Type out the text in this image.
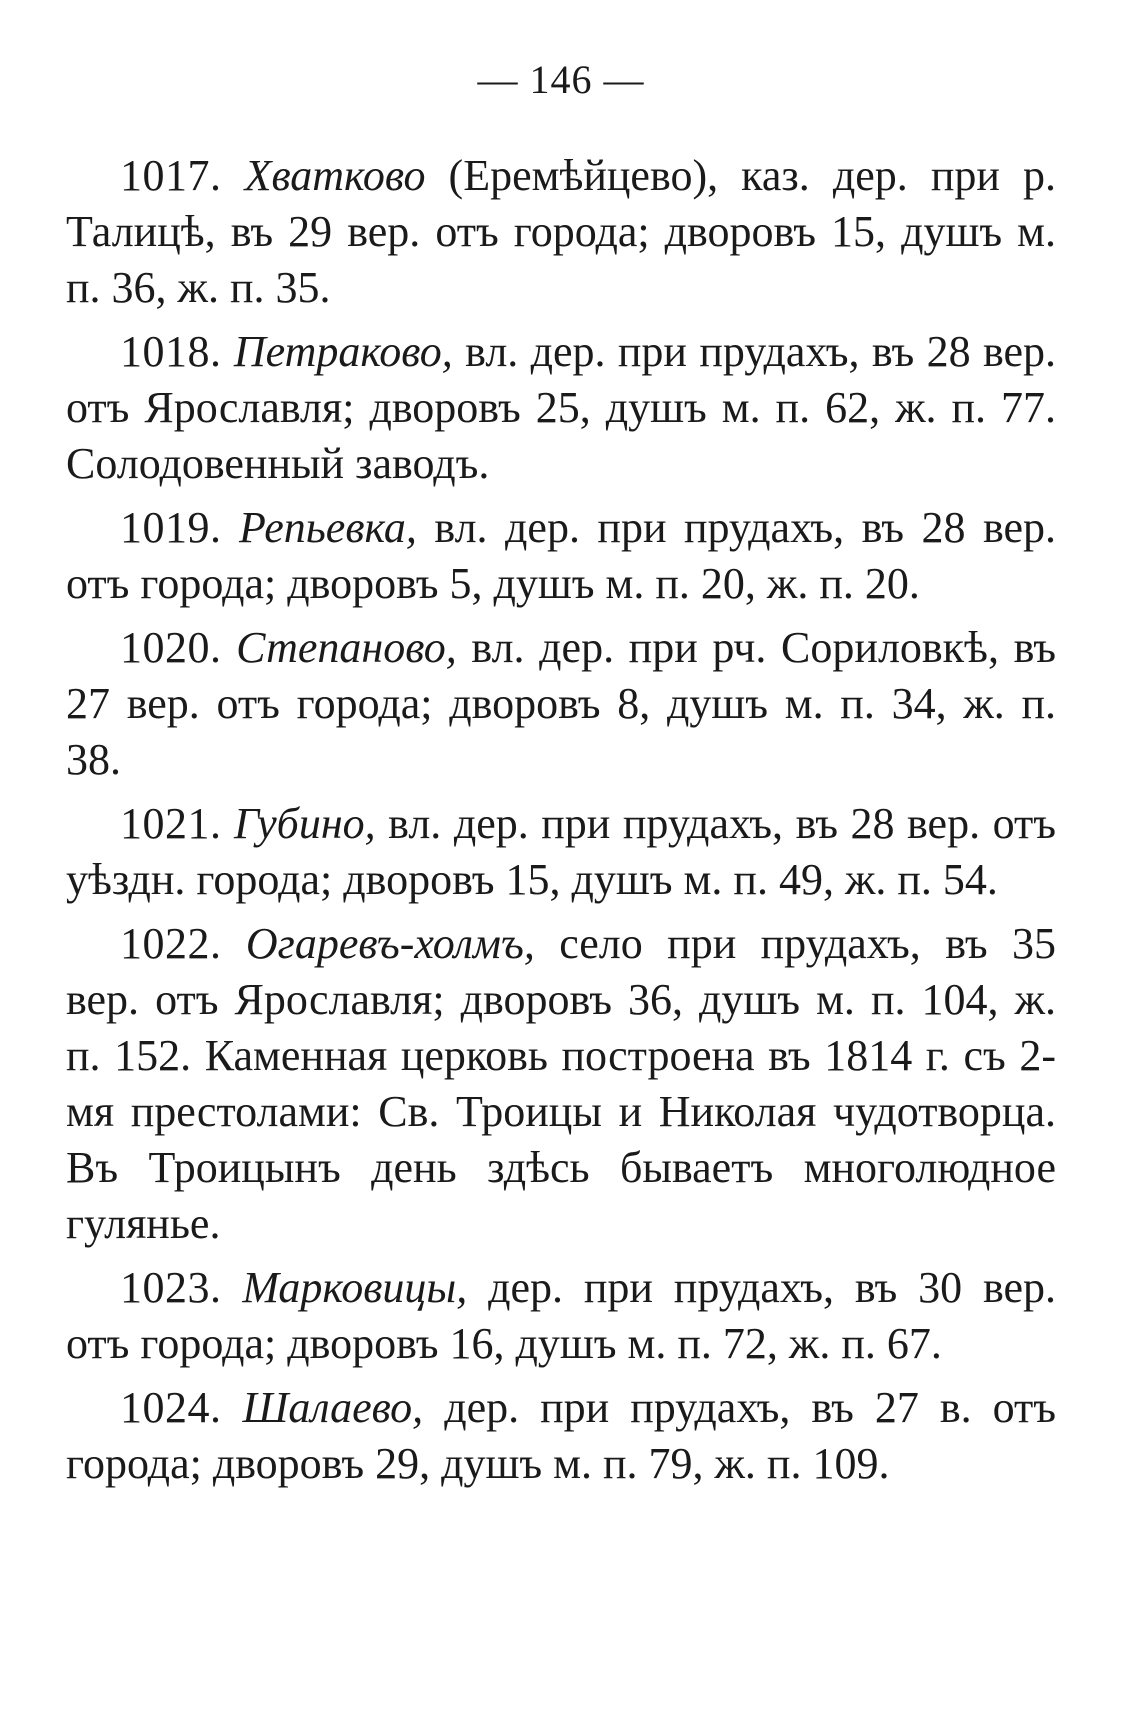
— 146 —

1017. Хватково (Еремѣйцево), каз. дер. при р. Талицѣ, въ 29 вер. отъ города; дворовъ 15, душъ м. п. 36, ж. п. 35.

1018. Петраково, вл. дер. при прудахъ, въ 28 вер. отъ Ярославля; дворовъ 25, душъ м. п. 62, ж. п. 77. Солодовенный заводъ.

1019. Репьевка, вл. дер. при прудахъ, въ 28 вер. отъ города; дворовъ 5, душъ м. п. 20, ж. п. 20.

1020. Степаново, вл. дер. при рч. Сориловкѣ, въ 27 вер. отъ города; дворовъ 8, душъ м. п. 34, ж. п. 38.

1021. Губино, вл. дер. при прудахъ, въ 28 вер. отъ уѣздн. города; дворовъ 15, душъ м. п. 49, ж. п. 54.

1022. Огаревъ-холмъ, село при прудахъ, въ 35 вер. отъ Ярославля; дворовъ 36, душъ м. п. 104, ж. п. 152. Каменная церковь построена въ 1814 г. съ 2-мя престолами: Св. Троицы и Николая чудотворца. Въ Троицынъ день здѣсь бываетъ многолюдное гулянье.

1023. Марковицы, дер. при прудахъ, въ 30 вер. отъ города; дворовъ 16, душъ м. п. 72, ж. п. 67.

1024. Шалаево, дер. при прудахъ, въ 27 в. отъ города; дворовъ 29, душъ м. п. 79, ж. п. 109.
